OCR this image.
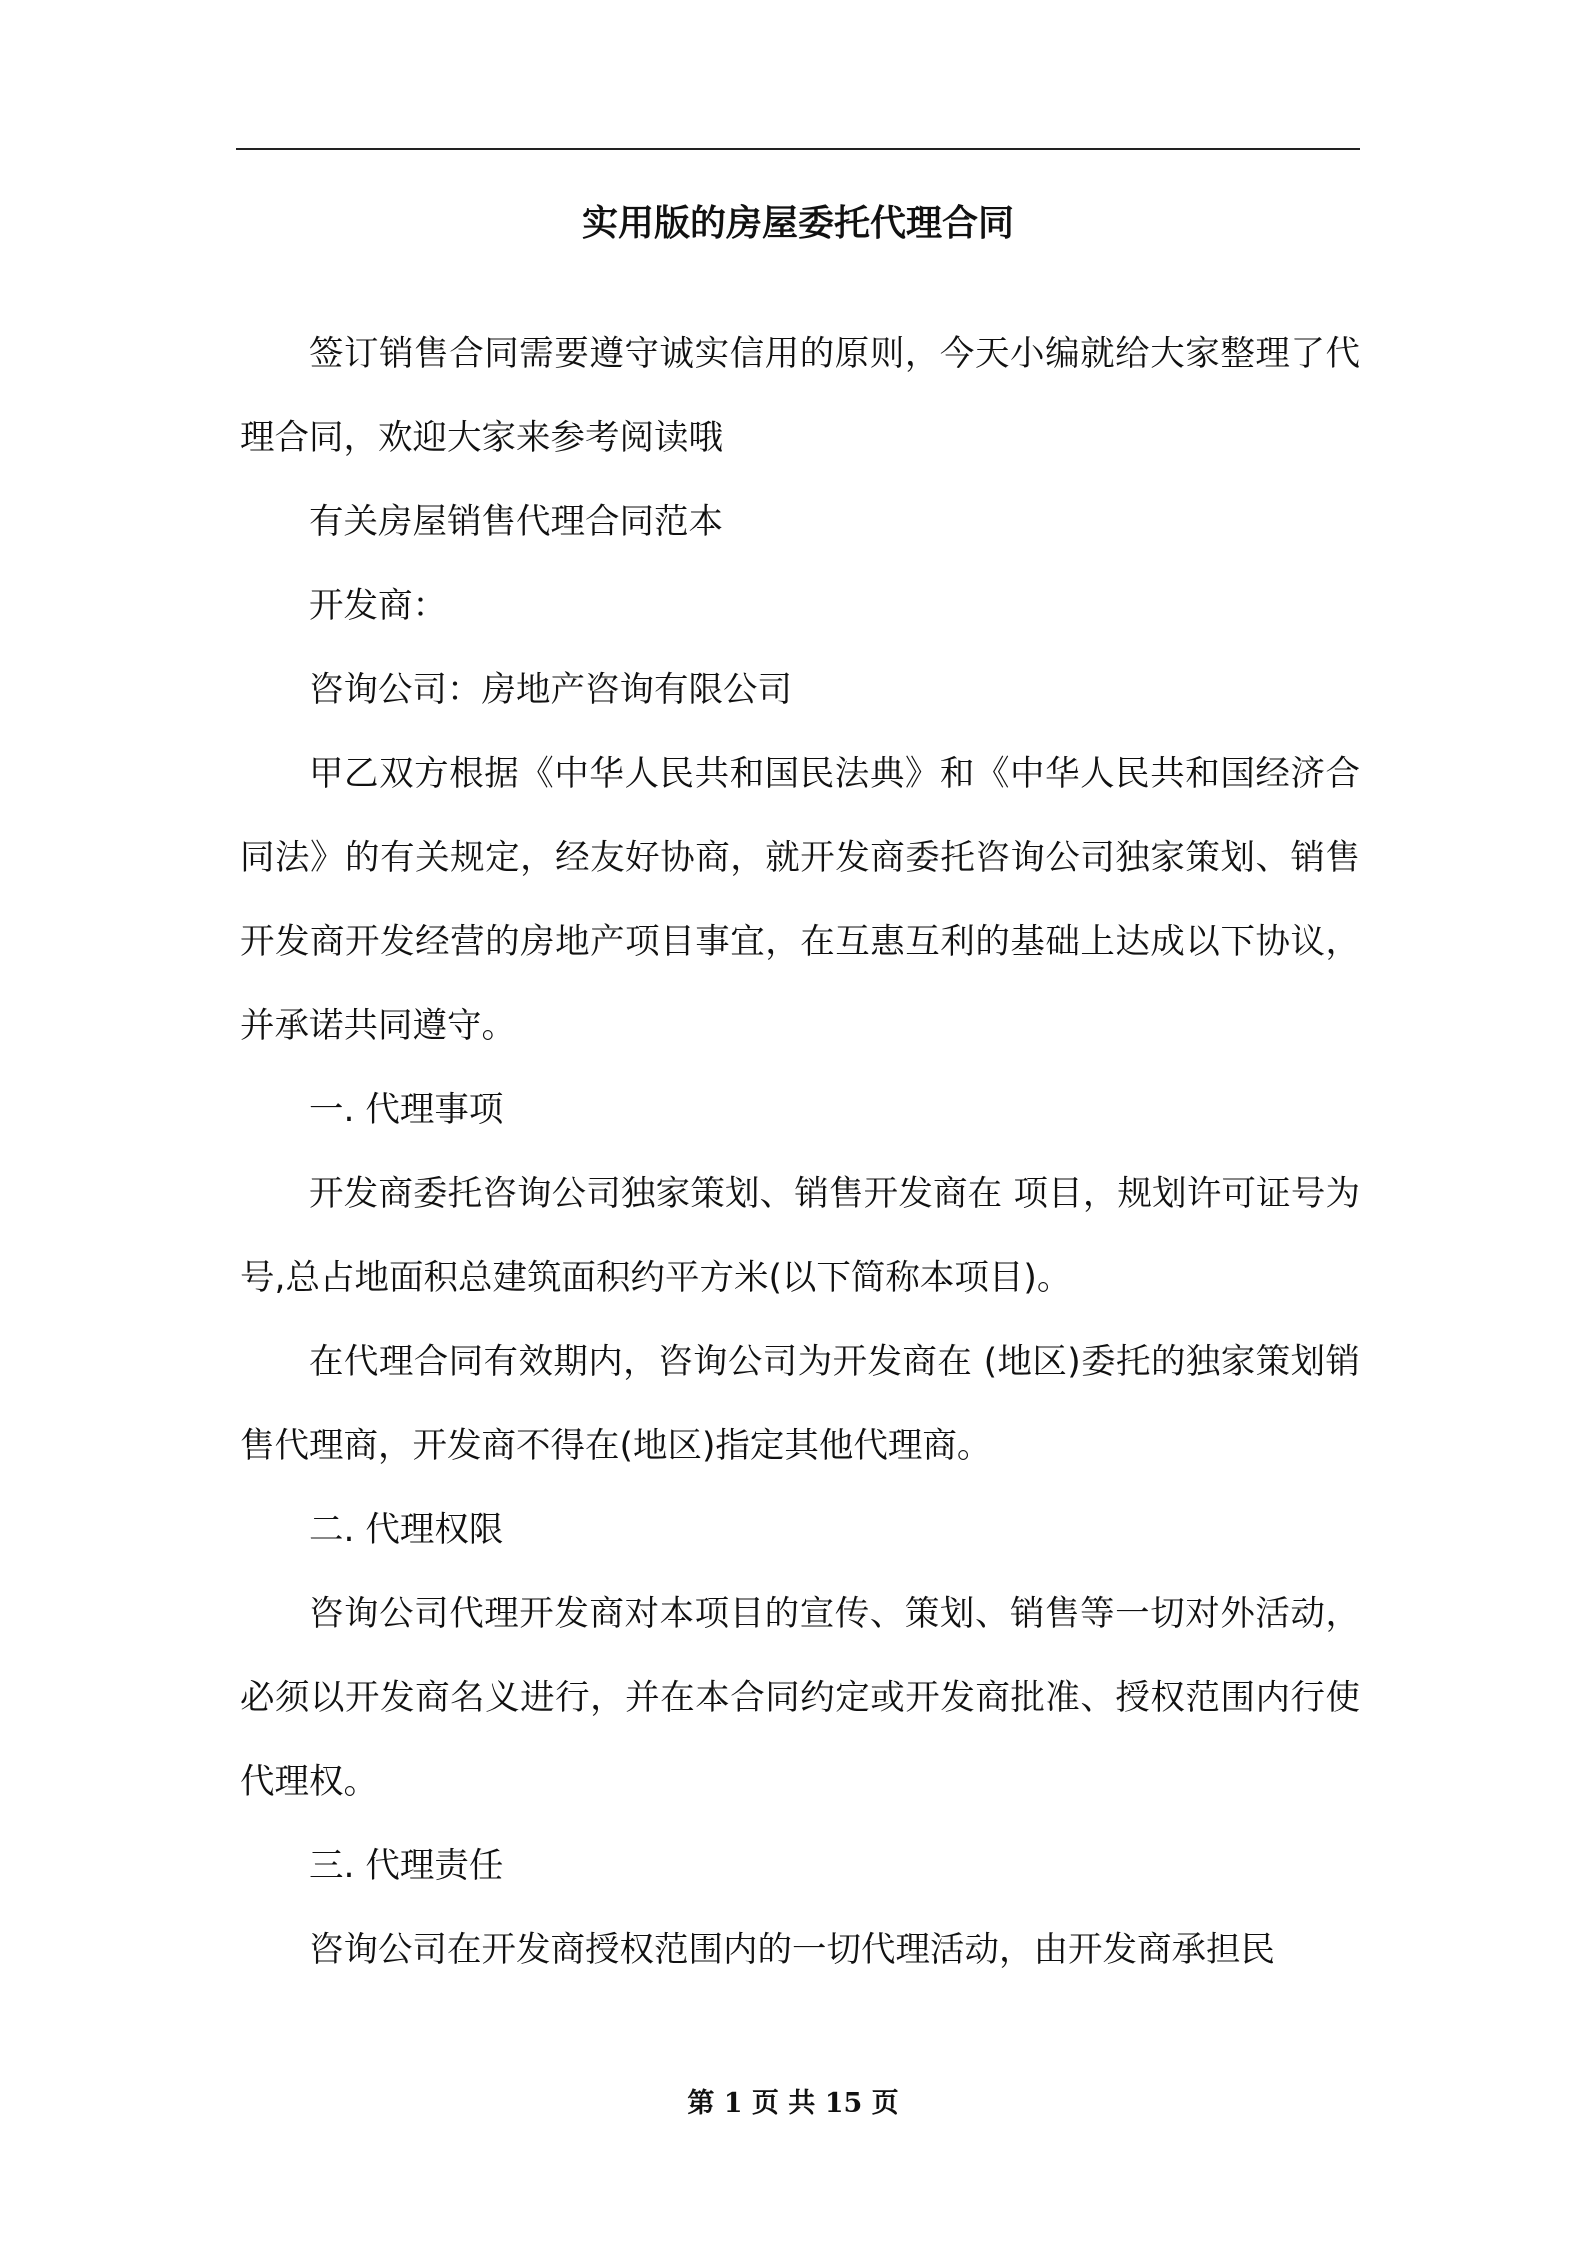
实用版的房屋委托代理合同

签订销售合同需要遵守诚实信用的原则，今天小编就给大家整理了代理合同，欢迎大家来参考阅读哦

有关房屋销售代理合同范本

开发商：

咨询公司：房地产咨询有限公司

甲乙双方根据《中华人民共和国民法典》和《中华人民共和国经济合同法》的有关规定，经友好协商，就开发商委托咨询公司独家策划、销售开发商开发经营的房地产项目事宜，在互惠互利的基础上达成以下协议，并承诺共同遵守。

一. 代理事项

开发商委托咨询公司独家策划、销售开发商在 项目，规划许可证号为 号,总占地面积总建筑面积约平方米(以下简称本项目)。

在代理合同有效期内，咨询公司为开发商在 (地区)委托的独家策划销售代理商，开发商不得在(地区)指定其他代理商。

二. 代理权限

咨询公司代理开发商对本项目的宣传、策划、销售等一切对外活动，必须以开发商名义进行，并在本合同约定或开发商批准、授权范围内行使代理权。

三. 代理责任

咨询公司在开发商授权范围内的一切代理活动，由开发商承担民

第 1 页 共 15 页
